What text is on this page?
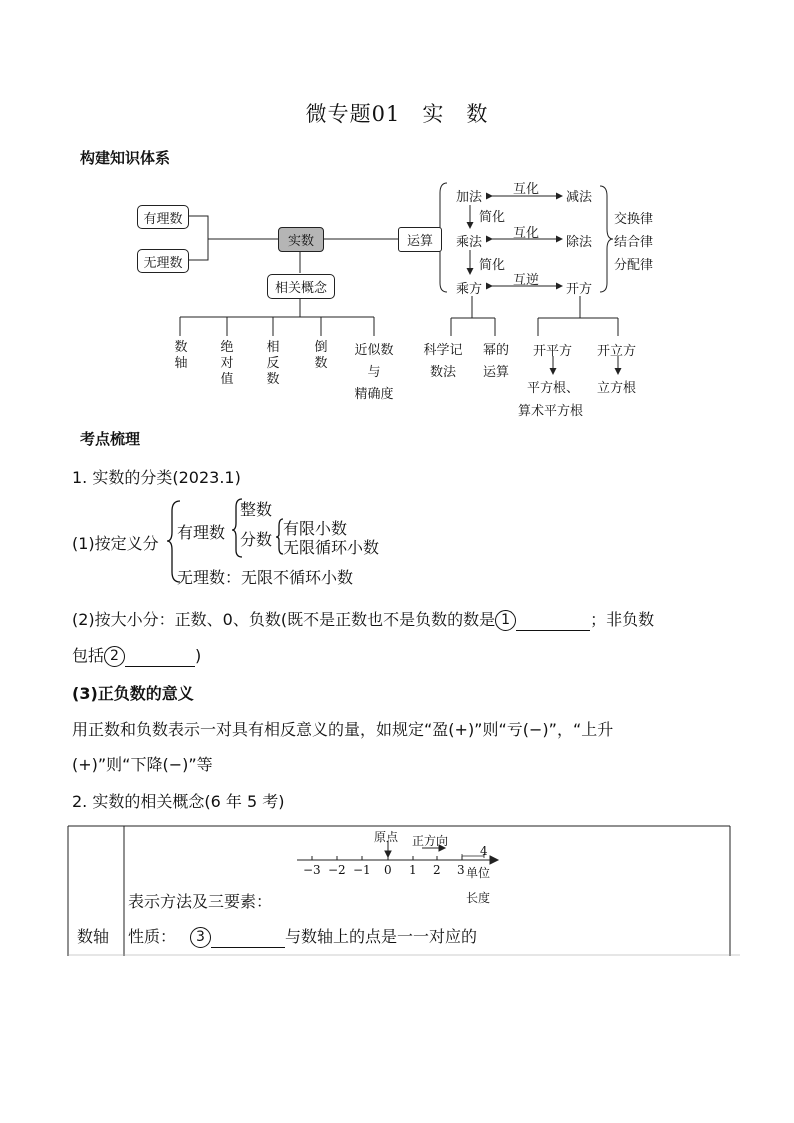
微专题01　实　数
构建知识体系
有理数
无理数
实数
相关概念
运算
加法	减法
互化
简化
乘法	除法
互化
简化
乘方	开方
互逆
交换律
结合律
分配律
数
轴
绝
对
值
相
反
数
倒
数
近似数
与
精确度
科学记
数法
幂的
运算
开平方 开立方
平方根、
算术平方根
立方根
考点梳理
1. 实数的分类(2023.1)
(1)按定义分
有理数
整数
分数
有限小数
无限循环小数
无理数：无限不循环小数
(2)按大小分：正数、0、负数(既不是正数也不是负数的数是 1	；非负数
包括 2	)
(3)正负数的意义
用正数和负数表示一对具有相反意义的量，如规定“盈(+)”则“亏(−)”，“上升
(+)”则“下降(−)”等
2. 实数的相关概念(6 年 5 考)
原点 正方向
−3 −2 −1 0 1 2 3
4
单位
长度
数轴
表示方法及三要素：
性质： 3	与数轴上的点是一一对应的
